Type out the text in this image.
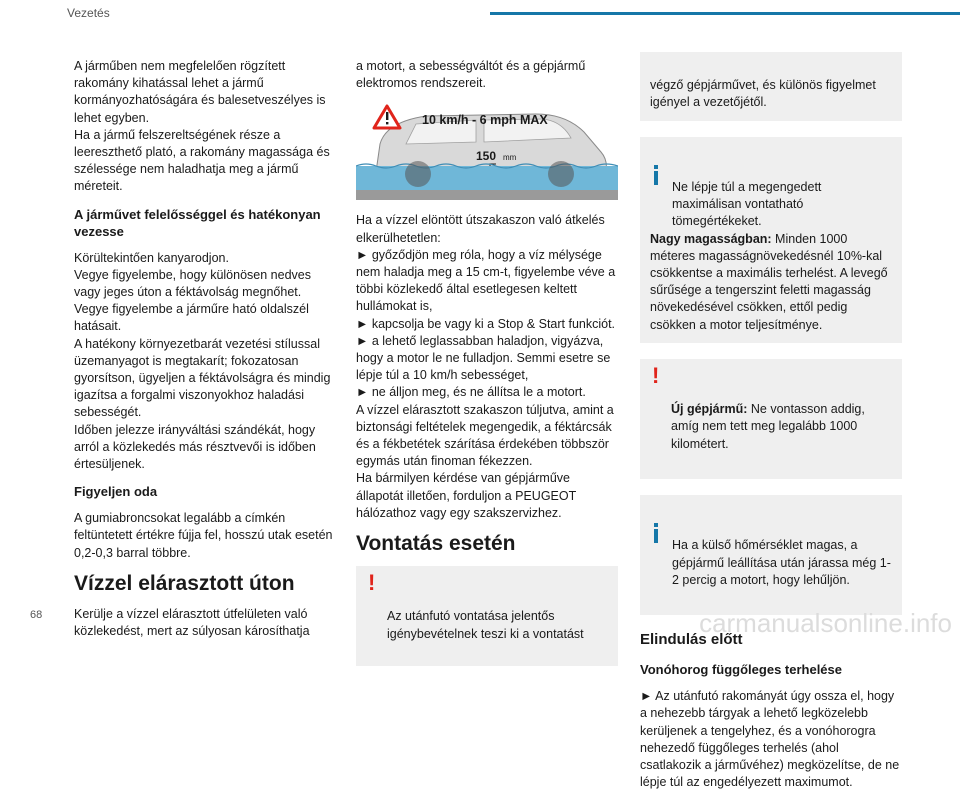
Vezetés

A járműben nem megfelelően rögzített rakomány kihatással lehet a jármű kormányozhatóságára és balesetveszélyes is lehet egyben.
Ha a jármű felszereltségének része a leereszthető plató, a rakomány magassága és szélessége nem haladhatja meg a jármű méreteit.

A járművet felelősséggel és hatékonyan vezesse

Körültekintően kanyarodjon.
Vegye figyelembe, hogy különösen nedves vagy jeges úton a féktávolság megnőhet.
Vegye figyelembe a járműre ható oldalszél hatásait.
A hatékony környezetbarát vezetési stílussal üzemanyagot is megtakarít; fokozatosan gyorsítson, ügyeljen a féktávolságra és mindig igazítsa a forgalmi viszonyokhoz haladási sebességét.
Időben jelezze irányváltási szándékát, hogy arról a közlekedés más résztvevői is időben értesüljenek.

Figyeljen oda

A gumiabroncsokat legalább a címkén feltüntetett értékre fújja fel, hosszú utak esetén 0,2-0,3 barral többre.

Vízzel elárasztott úton

Kerülje a vízzel elárasztott útfelületen való közlekedést, mert az súlyosan károsíthatja

a motort, a sebességváltót és a gépjármű elektromos rendszereit.

10 km/h - 6 mph MAX
150 mm

Ha a vízzel elöntött útszakaszon való átkelés elkerülhetetlen:
► győződjön meg róla, hogy a víz mélysége nem haladja meg a 15 cm-t, figyelembe véve a többi közlekedő által esetlegesen keltett hullámokat is,
► kapcsolja be vagy ki a Stop & Start funkciót.
► a lehető leglassabban haladjon, vigyázva, hogy a motor le ne fulladjon. Semmi esetre se lépje túl a 10 km/h sebességet,
► ne álljon meg, és ne állítsa le a motort.
A vízzel elárasztott szakaszon túljutva, amint a biztonsági feltételek megengedik, a féktárcsák és a fékbetétek szárítása érdekében többször egymás után finoman fékezzen.
Ha bármilyen kérdése van gépjárműve állapotát illetően, forduljon a PEUGEOT hálózathoz vagy egy szakszervizhez.

Vontatás esetén

!

Az utánfutó vontatása jelentős igénybevételnek teszi ki a vontatást

végző gépjárművet, és különös figyelmet igényel a vezetőjétől.

Ne lépje túl a megengedett maximálisan vontatható tömegértékeket.
Nagy magasságban: Minden 1000 méteres magasságnövekedésnél 10%-kal csökkentse a maximális terhelést. A levegő sűrűsége a tengerszint feletti magasság növekedésével csökken, ettől pedig csökken a motor teljesítménye.

!

Új gépjármű: Ne vontasson addig, amíg nem tett meg legalább 1000 kilométert.

Ha a külső hőmérséklet magas, a gépjármű leállítása után járassa még 1-2 percig a motort, hogy lehűljön.

Elindulás előtt
Vonóhorog függőleges terhelése

► Az utánfutó rakományát úgy ossza el, hogy a nehezebb tárgyak a lehető legközelebb kerüljenek a tengelyhez, és a vonóhorogra nehezedő függőleges terhelés (ahol csatlakozik a járművéhez) megközelítse, de ne lépje túl az engedélyezett maximumot.

68	carmanualsonline.info
